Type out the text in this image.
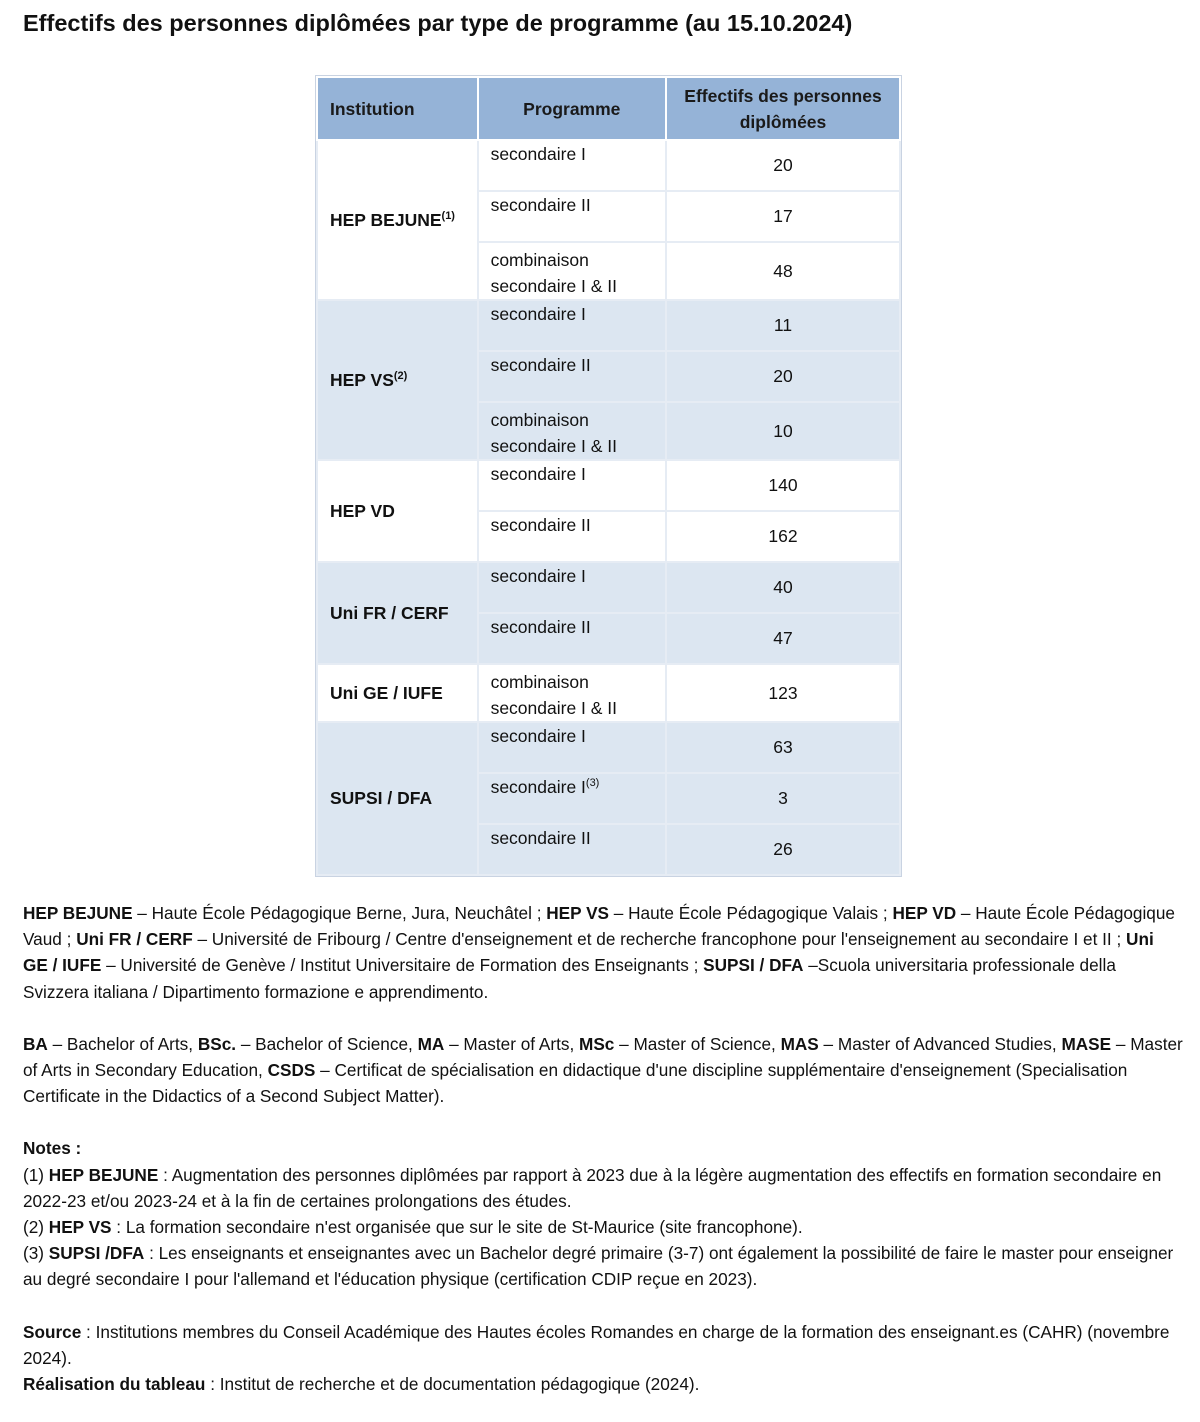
Effectifs des personnes diplômées par type de programme (au 15.10.2024)
Institution	Programme	Effectifs des personnes diplômées
HEP BEJUNE$^{(1)}$	secondaire I	20
	secondaire II	17
	combinaison secondaire I & II	48
HEP VS$^{(2)}$	secondaire I	11
	secondaire II	20
	combinaison secondaire I & II	10
HEP VD	secondaire I	140
	secondaire II	162
Uni FR / CERF	secondaire I	40
	secondaire II	47
Uni GE / IUFE	combinaison secondaire I & II	123
SUPSI / DFA	secondaire I	63
	secondaire $I^{(3)}$	3
	secondaire II	26

HEP BEJUNE – Haute École Pédagogique Berne, Jura, Neuchâtel ; HEP VS – Haute École Pédagogique Valais ; HEP VD – Haute École Pédagogique Vaud ; Uni FR / CERF – Université de Fribourg / Centre d'enseignement et de recherche francophone pour l'enseignement au secondaire I et II ; Uni GE / IUFE – Université de Genève / Institut Universitaire de Formation des Enseignants ; SUPSI / DFA –Scuola universitaria professionale della Svizzera italiana / Dipartimento formazione e apprendimento.

BA – Bachelor of Arts, BSc. – Bachelor of Science, MA – Master of Arts, MSc – Master of Science, MAS – Master of Advanced Studies, MASE – Master of Arts in Secondary Education, CSDS – Certificat de spécialisation en didactique d'une discipline supplémentaire d'enseignement (Specialisation Certificate in the Didactics of a Second Subject Matter).

Notes :

(1) HEP BEJUNE : Augmentation des personnes diplômées par rapport à 2023 due à la légère augmentation des effectifs en formation secondaire en 2022-23 et/ou 2023-24 et à la fin de certaines prolongations des études.

(2) HEP VS : La formation secondaire n'est organisée que sur le site de St-Maurice (site francophone).

(3) SUPSI /DFA : Les enseignants et enseignantes avec un Bachelor degré primaire (3-7) ont également la possibilité de faire le master pour enseigner au degré secondaire I pour l'allemand et l'éducation physique (certification CDIP reçue en 2023).

Source : Institutions membres du Conseil Académique des Hautes écoles Romandes en charge de la formation des enseignant.es (CAHR) (novembre 2024).

Réalisation du tableau : Institut de recherche et de documentation pédagogique (2024).
